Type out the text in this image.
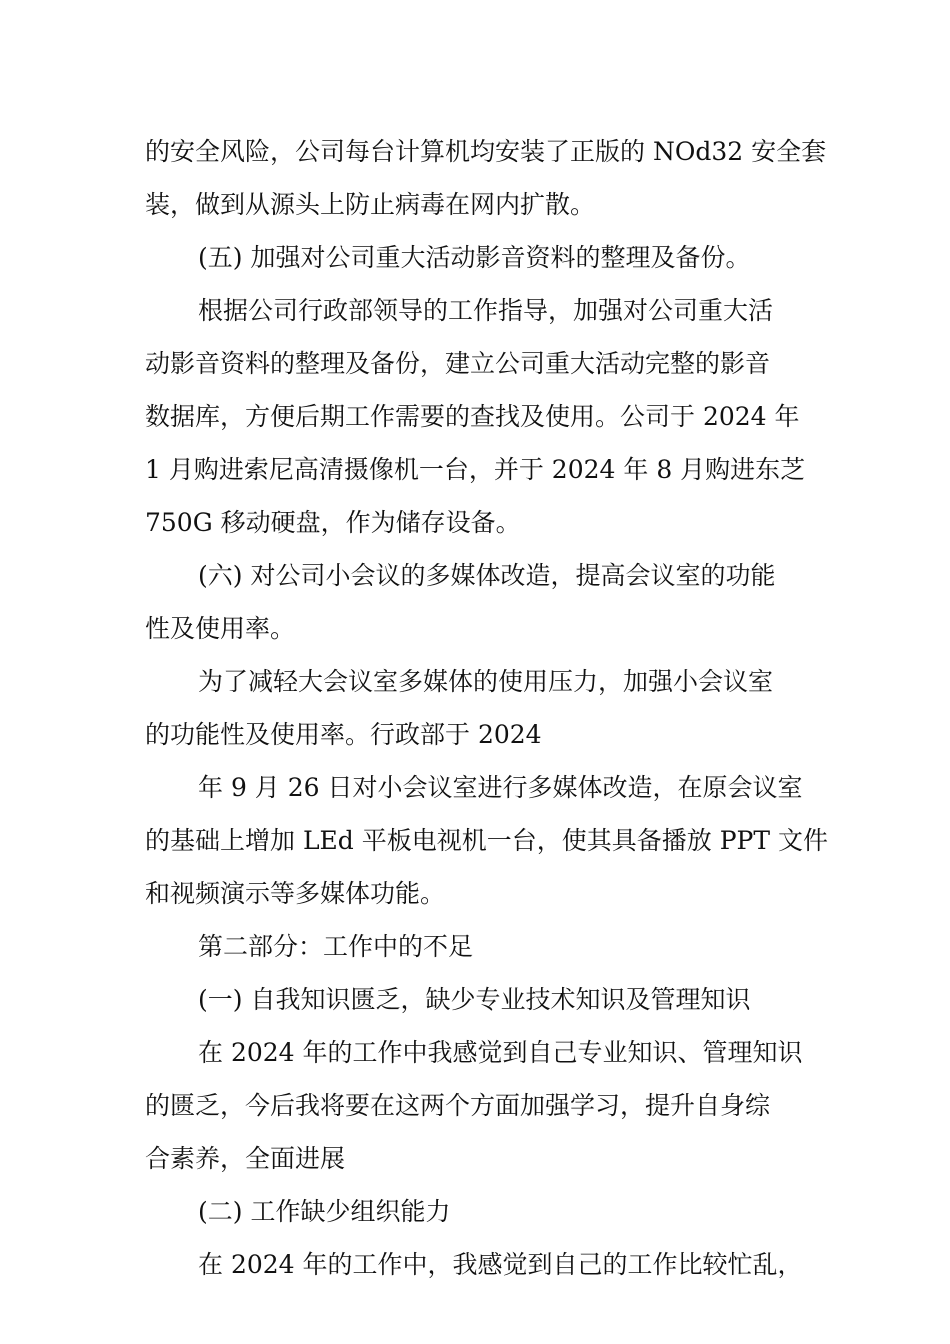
的安全风险，公司每台计算机均安装了正版的 NOd32 安全套
装，做到从源头上防止病毒在网内扩散。
(五) 加强对公司重大活动影音资料的整理及备份。
根据公司行政部领导的工作指导，加强对公司重大活
动影音资料的整理及备份，建立公司重大活动完整的影音
数据库，方便后期工作需要的查找及使用。公司于 2024 年
1 月购进索尼高清摄像机一台，并于 2024 年 8 月购进东芝
750G 移动硬盘，作为储存设备。
(六) 对公司小会议的多媒体改造，提高会议室的功能
性及使用率。
为了减轻大会议室多媒体的使用压力，加强小会议室
的功能性及使用率。行政部于 2024
年 9 月 26 日对小会议室进行多媒体改造，在原会议室
的基础上增加 LEd 平板电视机一台，使其具备播放 PPT 文件
和视频演示等多媒体功能。
第二部分：工作中的不足
(一) 自我知识匮乏，缺少专业技术知识及管理知识
在 2024 年的工作中我感觉到自己专业知识、管理知识
的匮乏，今后我将要在这两个方面加强学习，提升自身综
合素养，全面进展
(二) 工作缺少组织能力
在 2024 年的工作中，我感觉到自己的工作比较忙乱，
